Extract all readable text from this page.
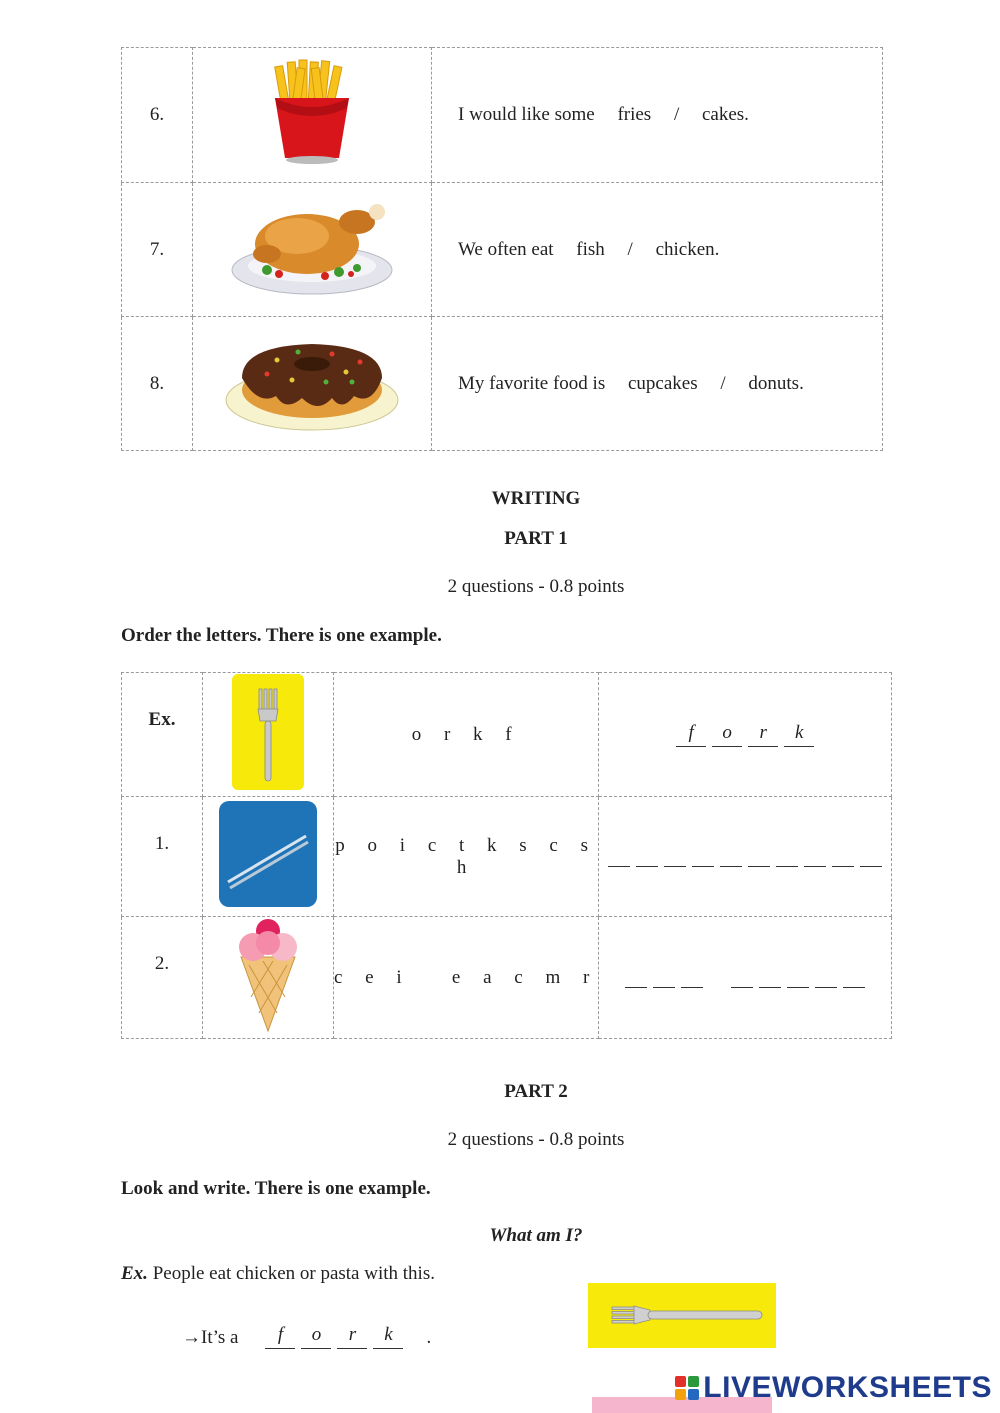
6.		I would like some fries / cakes.
7.		We often eat fish / chicken.
8.		My favorite food is cupcakes / donuts.
WRITING
PART 1
2 questions - 0.8 points
Order the letters. There is one example.
Ex.		o r k f	f o r k
1.		p o i c t k s c s h	
2.		c e i   e a c m r	
PART 2
2 questions - 0.8 points
Look and write. There is one example.
What am I?
Ex. People eat chicken or pasta with this.
→It’s a	f	o	r	k	.
LIVEWORKSHEETS
